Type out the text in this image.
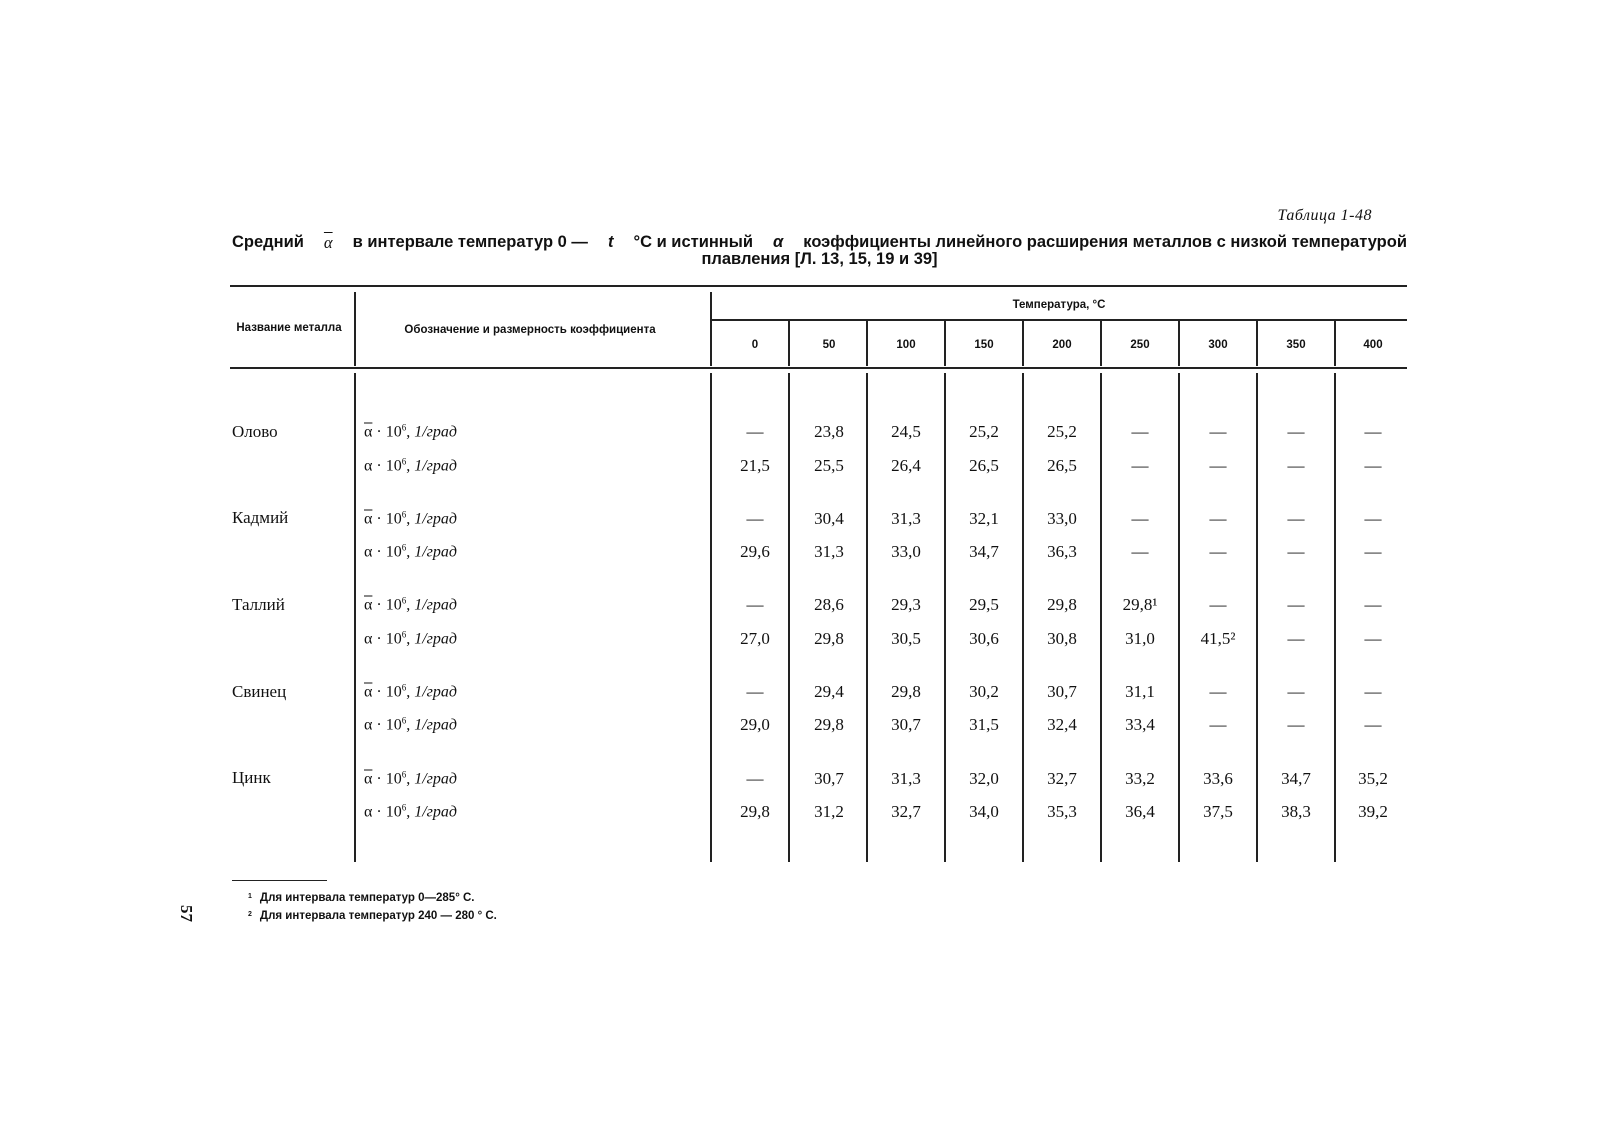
Таблица 1-48
Средний $\overline{\alpha}$ в интервале температур 0 — t °С и истинный α коэффициенты линейного расширения металлов с низкой температурой
плавления [Л. 13, 15, 19 и 39]
Название металла	Обозначение и размерность коэффициента
Температура, °С
0	50	100	150	200	250	300	350	400
Олово	$\overline{\alpha} \cdot 10^6$, 1/град	—	23,8	24,5	25,2	25,2	—	—	—	—
$\alpha \cdot 10^6$, 1/град	21,5	25,5	26,4	26,5	26,5	—	—	—	—
Кадмий	$\overline{\alpha} \cdot 10^6$, 1/град	—	30,4	31,3	32,1	33,0	—	—	—	—
$\alpha \cdot 10^6$, 1/град	29,6	31,3	33,0	34,7	36,3	—	—	—	—
Таллий	$\overline{\alpha} \cdot 10^6$, 1/град	—	28,6	29,3	29,5	29,8	29,8¹	—	—	—
$\alpha \cdot 10^6$, 1/град	27,0	29,8	30,5	30,6	30,8	31,0	41,5²	—	—
Свинец	$\overline{\alpha} \cdot 10^6$, 1/град	—	29,4	29,8	30,2	30,7	31,1	—	—	—
$\alpha \cdot 10^6$, 1/град	29,0	29,8	30,7	31,5	32,4	33,4	—	—	—
Цинк	$\overline{\alpha} \cdot 10^6$, 1/град	—	30,7	31,3	32,0	32,7	33,2	33,6	34,7	35,2
$\alpha \cdot 10^6$, 1/град	29,8	31,2	32,7	34,0	35,3	36,4	37,5	38,3	39,2
$^1$ Для интервала температур 0—285° С.
$^2$ Для интервала температур 240 — 280 ° С.
57
